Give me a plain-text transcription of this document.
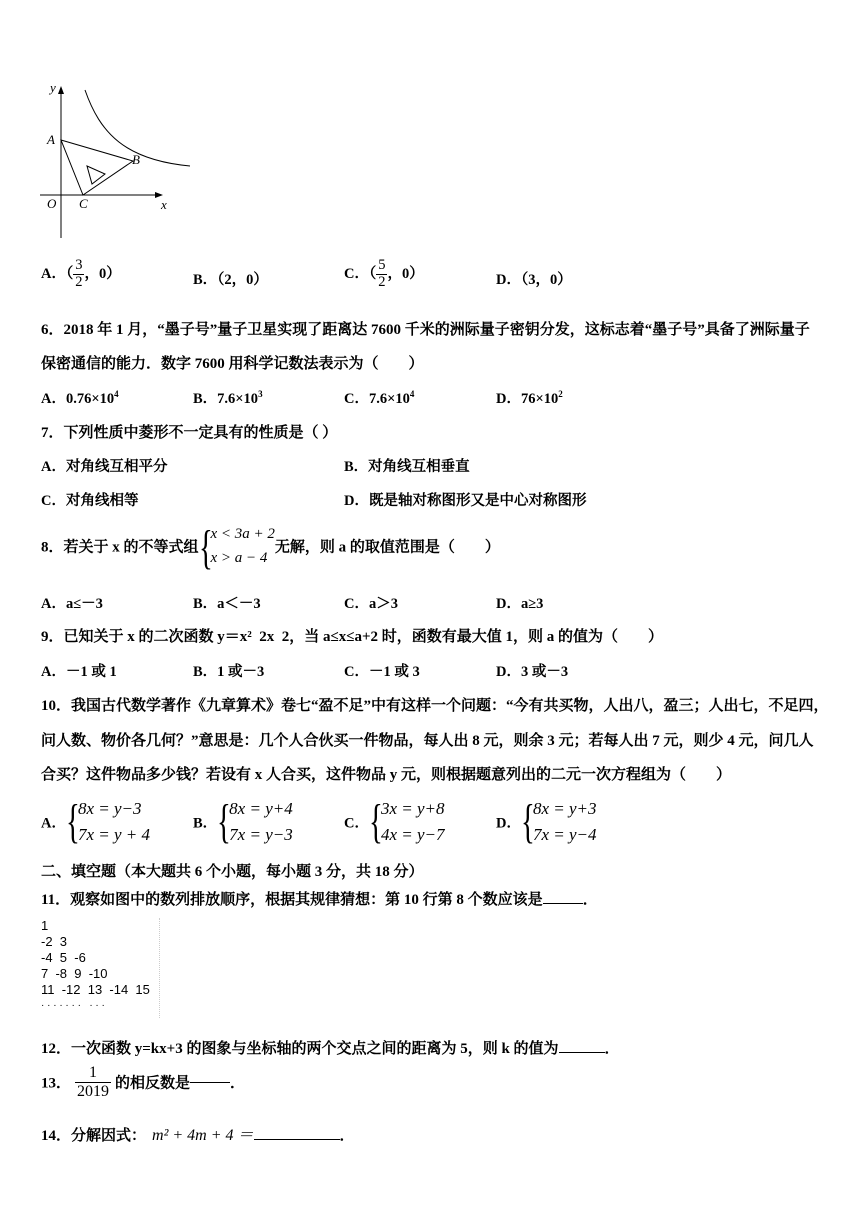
y
x
O
A
B
C
A．（ $\frac{3}{2}$ ，0）	B．（2，0）	C．（ $\frac{5}{2}$ ，0）	D．（3，0）
6．2018 年 1 月，“墨子号”量子卫星实现了距离达 7600 千米的洲际量子密钥分发，这标志着“墨子号”具备了洲际量子
保密通信的能力．数字 7600 用科学记数法表示为（　　）
A．$0.76\times 10^4$	B．$7.6\times 10^3$	C．$7.6\times 10^4$	D．$76\times 10^2$
7．下列性质中菱形不一定具有的性质是（ ）
A．对角线互相平分	B．对角线互相垂直
C．对角线相等	D．既是轴对称图形又是中心对称图形
8．若关于 x 的不等式组 {
x < 3a + 2
x > a − 4
无解，则 a 的取值范围是（　　）
A．a≤－3	B．a＜－3	C．a＞3	D．a≥3
9．已知关于 x 的二次函数 y＝x² 2x 2，当 a≤x≤a+2 时，函数有最大值 1，则 a 的值为（　　）
A．－1 或 1	B．1 或－3	C．－1 或 3	D．3 或－3
10．我国古代数学著作《九章算术》卷七“盈不足”中有这样一个问题：“今有共买物，人出八，盈三；人出七，不足四，
问人数、物价各几何？”意思是：几个人合伙买一件物品，每人出 8 元，则余 3 元；若每人出 7 元，则少 4 元，问几人
合买？这件物品多少钱？若设有 x 人合买，这件物品 y 元，则根据题意列出的二元一次方程组为（　　）
A． {
8x = y−3
7x = y + 4
B． {
8x = y+4
7x = y−3
C． {
3x = y+8
4x = y−7
D． {
8x = y+3
7x = y−4
二、填空题（本大题共 6 个小题，每小题 3 分，共 18 分）
11．观察如图中的数列排放顺序，根据其规律猜想：第 10 行第 8 个数应该是	．
1
-2  3
-4  5  -6
7  -8  9  -10
11  -12  13  -14  15
· · · · · · ·   · · ·
12．一次函数 y=kx+3 的图象与坐标轴的两个交点之间的距离为 5，则 k 的值为	．
13． $\frac{1}{2019}$ 的相反数是	．
14．分解因式： m² + 4m + 4 ＝	．
